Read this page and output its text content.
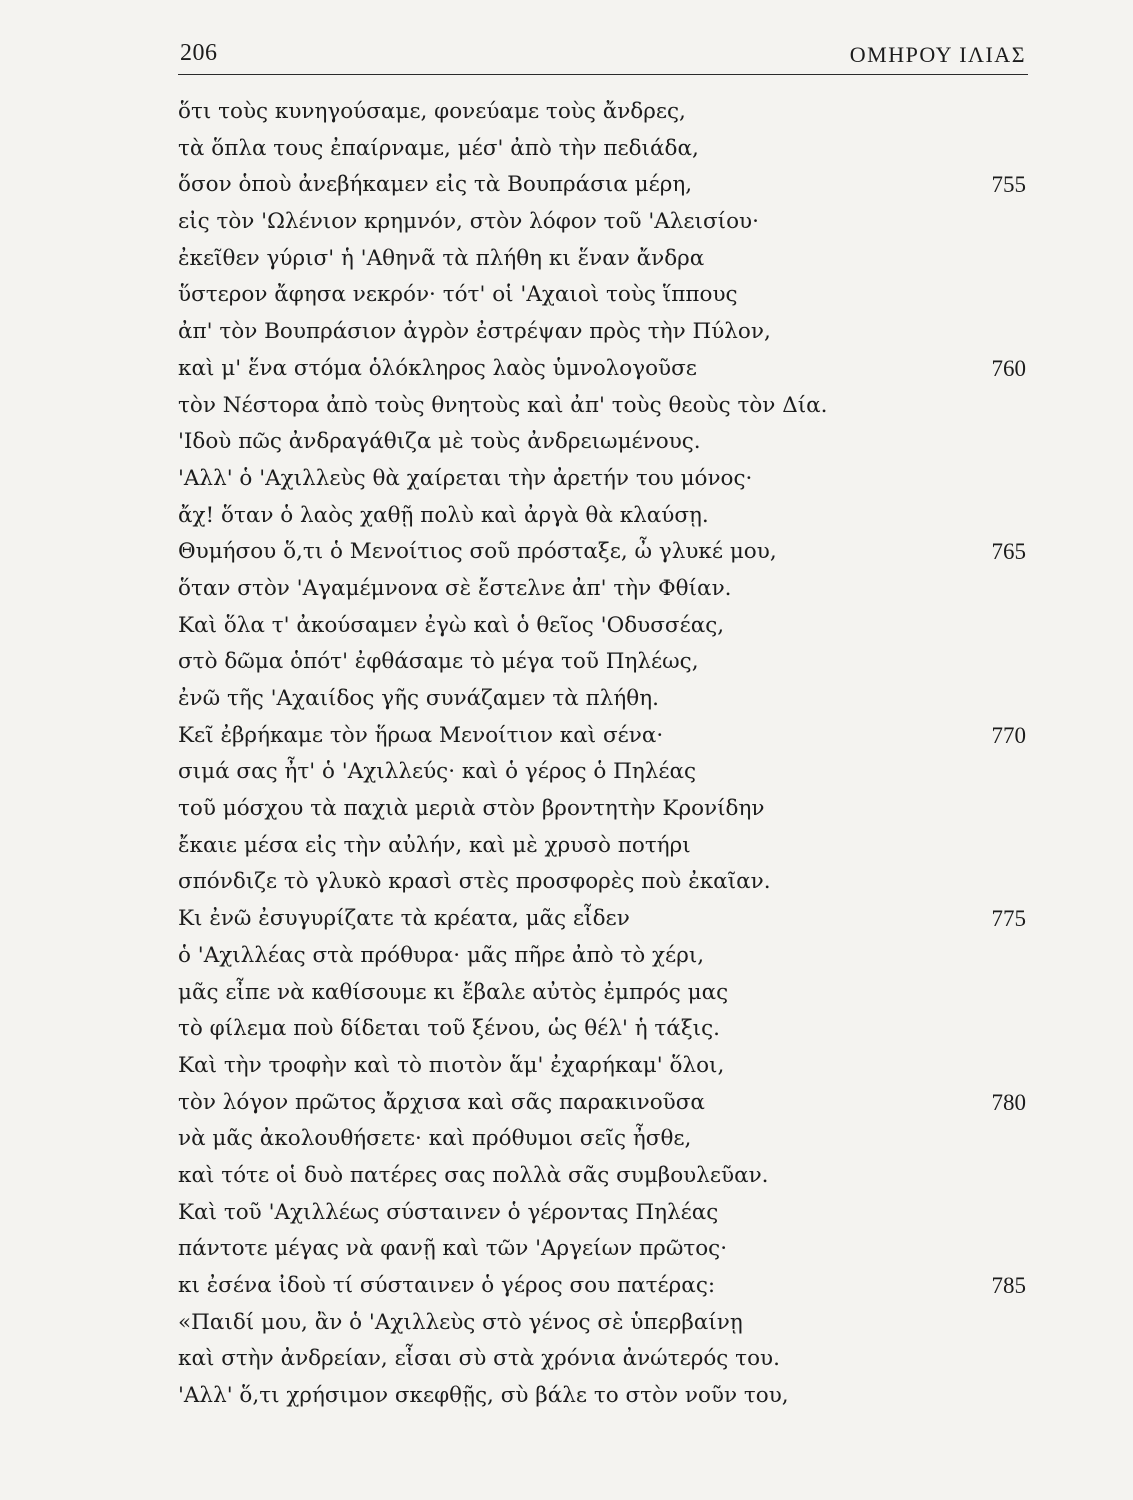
206	ΟΜΗΡΟΥ ΙΛΙΑΣ
ὅτι τοὺς κυνηγούσαμε, φονεύαμε τοὺς ἄνδρες,
τὰ ὅπλα τους ἐπαίρναμε, μέσ' ἀπὸ τὴν πεδιάδα,
ὅσον ὁποὺ ἀνεβήκαμεν εἰς τὰ Βουπράσια μέρη,	755
εἰς τὸν 'Ωλένιον κρημνόν, στὸν λόφον τοῦ 'Αλεισίου·
ἐκεῖθεν γύρισ' ἡ 'Αθηνᾶ τὰ πλήθη κι ἕναν ἄνδρα
ὕστερον ἄφησα νεκρόν· τότ' οἱ 'Αχαιοὶ τοὺς ἵππους
ἀπ' τὸν Βουπράσιον ἀγρὸν ἐστρέψαν πρὸς τὴν Πύλον,
καὶ μ' ἕνα στόμα ὁλόκληρος λαὸς ὑμνολογοῦσε	760
τὸν Νέστορα ἀπὸ τοὺς θνητοὺς καὶ ἀπ' τοὺς θεοὺς τὸν Δία.
'Ιδοὺ πῶς ἀνδραγάθιζα μὲ τοὺς ἀνδρειωμένους.
'Αλλ' ὁ 'Αχιλλεὺς θὰ χαίρεται τὴν ἀρετήν του μόνος·
ἄχ! ὅταν ὁ λαὸς χαθῇ πολὺ καὶ ἀργὰ θὰ κλαύσῃ.
Θυμήσου ὅ,τι ὁ Μενοίτιος σοῦ πρόσταξε, ὦ γλυκέ μου,	765
ὅταν στὸν 'Αγαμέμνονα σὲ ἔστελνε ἀπ' τὴν Φθίαν.
Καὶ ὅλα τ' ἀκούσαμεν ἐγὼ καὶ ὁ θεῖος 'Οδυσσέας,
στὸ δῶμα ὁπότ' ἐφθάσαμε τὸ μέγα τοῦ Πηλέως,
ἐνῶ τῆς 'Αχαιίδος γῆς συνάζαμεν τὰ πλήθη.
Κεῖ ἐβρήκαμε τὸν ἥρωα Μενοίτιον καὶ σένα·	770
σιμά σας ἦτ' ὁ 'Αχιλλεύς· καὶ ὁ γέρος ὁ Πηλέας
τοῦ μόσχου τὰ παχιὰ μεριὰ στὸν βροντητὴν Κρονίδην
ἔκαιε μέσα εἰς τὴν αὐλήν, καὶ μὲ χρυσὸ ποτήρι
σπόνδιζε τὸ γλυκὸ κρασὶ στὲς προσφορὲς ποὺ ἐκαῖαν.
Κι ἐνῶ ἐσυγυρίζατε τὰ κρέατα, μᾶς εἶδεν	775
ὁ 'Αχιλλέας στὰ πρόθυρα· μᾶς πῆρε ἀπὸ τὸ χέρι,
μᾶς εἶπε νὰ καθίσουμε κι ἔβαλε αὐτὸς ἐμπρός μας
τὸ φίλεμα ποὺ δίδεται τοῦ ξένου, ὡς θέλ' ἡ τάξις.
Καὶ τὴν τροφὴν καὶ τὸ πιοτὸν ἅμ' ἐχαρήκαμ' ὅλοι,
τὸν λόγον πρῶτος ἄρχισα καὶ σᾶς παρακινοῦσα	780
νὰ μᾶς ἀκολουθήσετε· καὶ πρόθυμοι σεῖς ἦσθε,
καὶ τότε οἱ δυὸ πατέρες σας πολλὰ σᾶς συμβουλεῦαν.
Καὶ τοῦ 'Αχιλλέως σύσταινεν ὁ γέροντας Πηλέας
πάντοτε μέγας νὰ φανῇ καὶ τῶν 'Αργείων πρῶτος·
κι ἐσένα ἰδοὺ τί σύσταινεν ὁ γέρος σου πατέρας:	785
«Παιδί μου, ἂν ὁ 'Αχιλλεὺς στὸ γένος σὲ ὑπερβαίνῃ
καὶ στὴν ἀνδρείαν, εἶσαι σὺ στὰ χρόνια ἀνώτερός του.
'Αλλ' ὅ,τι χρήσιμον σκεφθῇς, σὺ βάλε το στὸν νοῦν του,
